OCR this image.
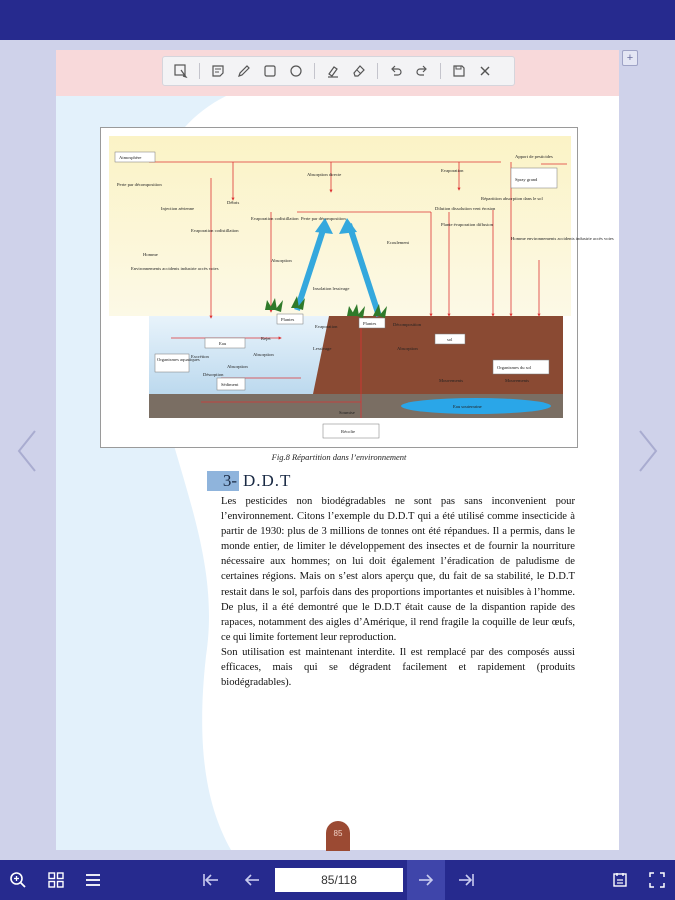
+
Atmosphère	Apport de pesticides
Perte par décomposition
Spray grand
Absorption directe
Evaporation
Injection aérienne
Débris
Evaporation codistillation
Evaporation codistillation Perte par décomposition
Dilution dissolution vent érosion
Plante évaporation diffusion
Répartition absorption dans le sol
Homme
Environnements accidents industrie accès voies
Homme environnements accidents industrie accès voies
Absorption
Ecoulement
Insolation lessivage
Plantes
Plantes
Eau
Rejet
Décomposition
sol
Evaporation
Lessivage
Absorption
Absorption
Absorption
Organismes aquatiques
Excrétion
Désorption
Sédiment
Organismes du sol
Mouvements	Mouvements
Eau souterraine
Soumise
Récolte
Fig.8 Répartition dans l’environnement
3- D.D.T

Les pesticides non biodégradables ne sont pas sans inconvenient pour l’environnement. Citons l’exemple du D.D.T qui a été utilisé comme insecticide à partir de 1930: plus de 3 millions de tonnes ont été répandues. Il a permis, dans le monde entier, de limiter le développement des insectes et de fournir la nourriture nécessaire aux hommes; on lui doit également l’éradication de paludisme de certaines régions. Mais on s’est alors aperçu que, du fait de sa stabilité, le D.D.T restait dans le sol, parfois dans des proportions importantes et nuisibles à l’homme. De plus, il a été demontré que le D.D.T était cause de la dispantion rapide des rapaces, notamment des aigles d’Amérique, il rend fragile la coquille de leur œufs, ce qui limite fortement leur reproduction.

Son utilisation est maintenant interdite. Il est remplacé par des composés aussi efficaces, mais qui se dégradent facilement et rapidement (produits biodégradables).

85
85/118
